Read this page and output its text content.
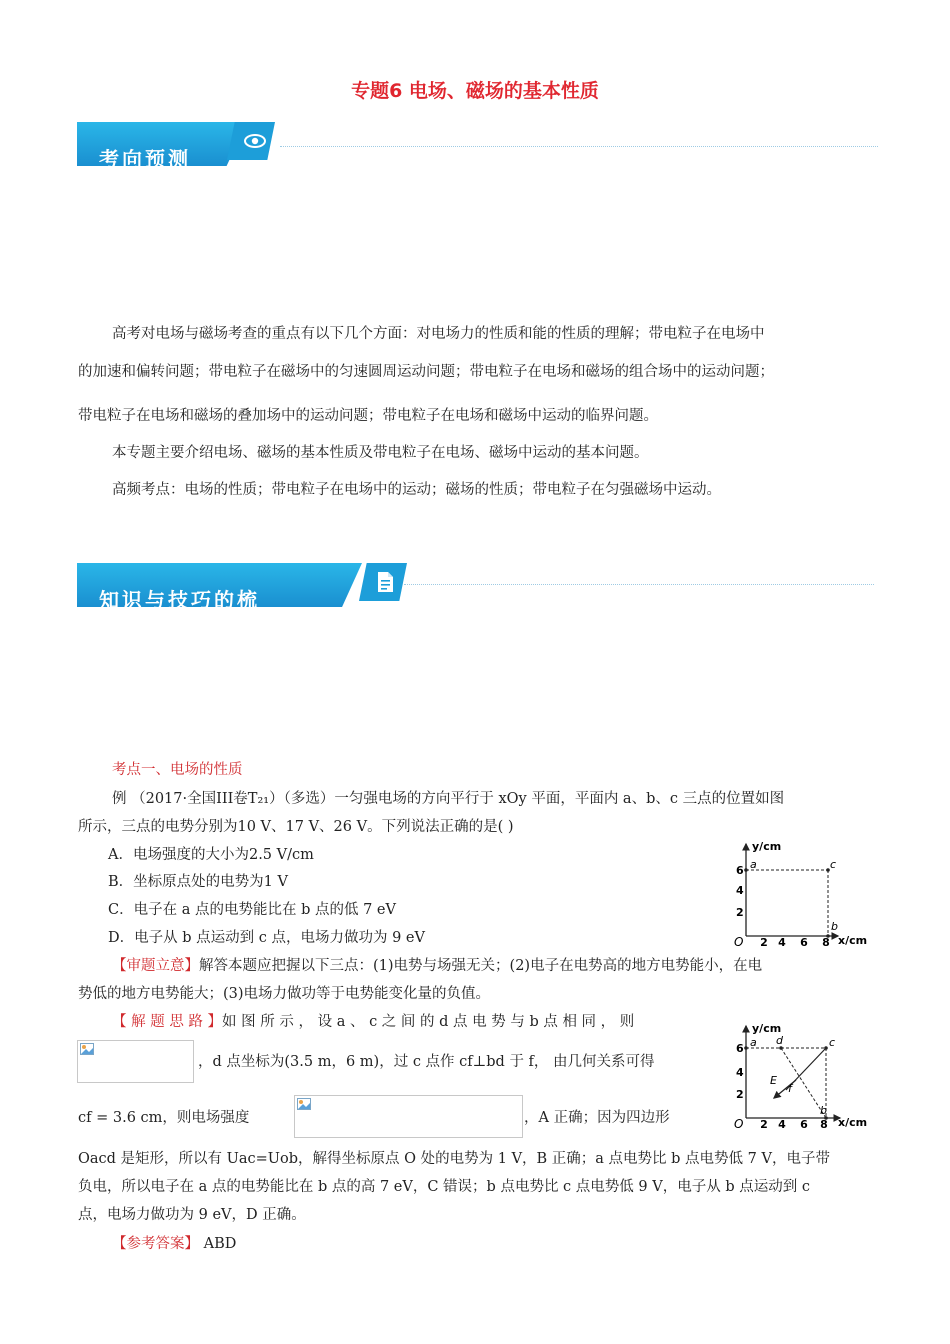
专题6 电场、磁场的基本性质
考向预测
高考对电场与磁场考查的重点有以下几个方面：对电场力的性质和能的性质的理解；带电粒子在电场中
的加速和偏转问题；带电粒子在磁场中的匀速圆周运动问题；带电粒子在电场和磁场的组合场中的运动问题；
带电粒子在电场和磁场的叠加场中的运动问题；带电粒子在电场和磁场中运动的临界问题。
本专题主要介绍电场、磁场的基本性质及带电粒子在电场、磁场中运动的基本问题。
高频考点：电场的性质；带电粒子在电场中的运动；磁场的性质；带电粒子在匀强磁场中运动。
知识与技巧的梳理
考点一、电场的性质
例 （2017·全国III卷T₂₁）（多选）一匀强电场的方向平行于 xOy 平面，平面内 a、b、c 三点的位置如图
所示，三点的电势分别为10 V、17 V、26 V。下列说法正确的是( )
A．电场强度的大小为2.5 V/cm
B．坐标原点处的电势为1 V
C．电子在 a 点的电势能比在 b 点的低 7 eV
D．电子从 b 点运动到 c 点，电场力做功为 9 eV
y/cm
x/cm
O 2 4 6 8
2
4
6 a
b
c
【审题立意】解答本题应把握以下三点：(1)电势与场强无关；(2)电子在电势高的地方电势能小，在电
势低的地方电势能大；(3)电场力做功等于电势能变化量的负值。
【 解 题 思 路 】如 图 所 示 ， 设 a 、 c 之 间 的 d 点 电 势 与 b 点 相 同 ， 则
，d 点坐标为(3.5 m，6 m)，过 c 点作 cf⊥bd 于 f， 由几何关系可得
cf = 3.6 cm，则电场强度	，A 正确；因为四边形
Oacd 是矩形，所以有 Uac=Uob，解得坐标原点 O 处的电势为 1 V，B 正确；a 点电势比 b 点电势低 7 V，电子带
负电，所以电子在 a 点的电势能比在 b 点的高 7 eV，C 错误；b 点电势比 c 点电势低 9 V，电子从 b 点运动到 c
点，电场力做功为 9 eV，D 正确。
y/cm
x/cm
O 2 4 6 8
2
4
6 a d	c
E
f
b
【参考答案】 ABD
